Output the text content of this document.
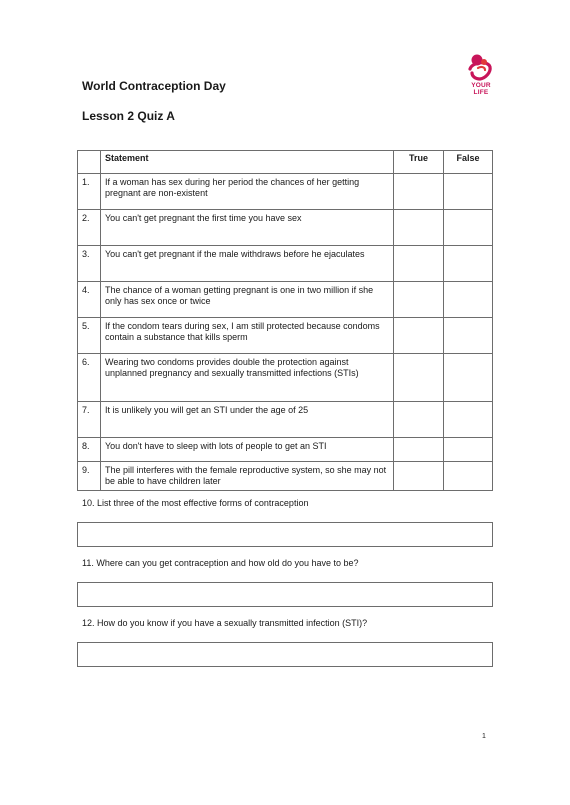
World Contraception Day
Lesson 2 Quiz A
YOUR
LIFE
	Statement	True	False
1.	If a woman has sex during her period the chances of her getting pregnant are non-existent		
2.	You can't get pregnant the first time you have sex		
3.	You can't get pregnant if the male withdraws before he ejaculates		
4.	The chance of a woman getting pregnant is one in two million if she only has sex once or twice		
5.	If the condom tears during sex, I am still protected because condoms contain a substance that kills sperm		
6.	Wearing two condoms provides double the protection against unplanned pregnancy and sexually transmitted infections (STIs)		
7.	It is unlikely you will get an STI under the age of 25		
8.	You don't have to sleep with lots of people to get an STI		
9.	The pill interferes with the female reproductive system, so she may not be able to have children later		
10. List three of the most effective forms of contraception
11. Where can you get contraception and how old do you have to be?
12. How do you know if you have a sexually transmitted infection (STI)?
1
